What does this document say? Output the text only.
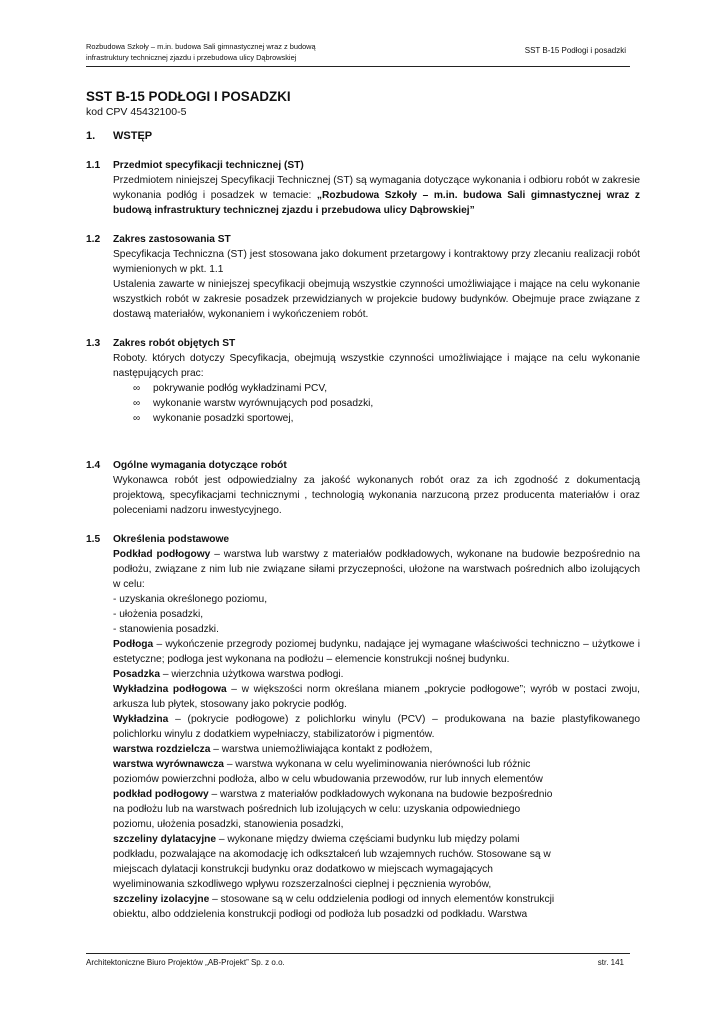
Rozbudowa Szkoły – m.in. budowa Sali gimnastycznej wraz z budową
infrastruktury technicznej zjazdu i przebudowa ulicy Dąbrowskiej
SST B-15 Podłogi i posadzki
SST B-15 PODŁOGI I POSADZKI
kod CPV 45432100-5
1.	WSTĘP
1.1	Przedmiot specyfikacji technicznej (ST)

Przedmiotem niniejszej Specyfikacji Technicznej (ST) są wymagania dotyczące wykonania i odbioru robót w zakresie wykonania podłóg i posadzek w temacie: „Rozbudowa Szkoły – m.in. budowa Sali gimnastycznej wraz z budową infrastruktury technicznej zjazdu i przebudowa ulicy Dąbrowskiej”

1.2	Zakres zastosowania ST

Specyfikacja Techniczna (ST) jest stosowana jako dokument przetargowy i kontraktowy przy zlecaniu realizacji robót wymienionych w pkt. 1.1

Ustalenia zawarte w niniejszej specyfikacji obejmują wszystkie czynności umożliwiające i mające na celu wykonanie wszystkich robót w zakresie posadzek przewidzianych w projekcie budowy budynków. Obejmuje prace związane z dostawą materiałów, wykonaniem i wykończeniem robót.

1.3	Zakres robót objętych ST

Roboty. których dotyczy Specyfikacja, obejmują wszystkie czynności umożliwiające i mające na celu wykonanie następujących prac:

∞	pokrywanie podłóg wykładzinami PCV,
∞	wykonanie warstw wyrównujących pod posadzki,
∞	wykonanie posadzki sportowej,
1.4	Ogólne wymagania dotyczące robót

Wykonawca robót jest odpowiedzialny za jakość wykonanych robót oraz za ich zgodność z dokumentacją projektową, specyfikacjami technicznymi , technologią wykonania narzuconą przez producenta materiałów i oraz poleceniami nadzoru inwestycyjnego.

1.5	Określenia podstawowe

Podkład podłogowy – warstwa lub warstwy z materiałów podkładowych, wykonane na budowie bezpośrednio na podłożu, związane z nim lub nie związane siłami przyczepności, ułożone na warstwach pośrednich albo izolujących w celu:

- uzyskania określonego poziomu,

- ułożenia posadzki,

- stanowienia posadzki.

Podłoga – wykończenie przegrody poziomej budynku, nadające jej wymagane właściwości techniczno – użytkowe i estetyczne; podłoga jest wykonana na podłożu – elemencie konstrukcji nośnej budynku.

Posadzka – wierzchnia użytkowa warstwa podłogi.

Wykładzina podłogowa – w większości norm określana mianem „pokrycie podłogowe”; wyrób w postaci zwoju, arkusza lub płytek, stosowany jako pokrycie podłóg.

Wykładzina – (pokrycie podłogowe) z polichlorku winylu (PCV) – produkowana na bazie plastyfikowanego polichlorku winylu z dodatkiem wypełniaczy, stabilizatorów i pigmentów.

warstwa rozdzielcza – warstwa uniemożliwiająca kontakt z podłożem,

warstwa wyrównawcza – warstwa wykonana w celu wyeliminowania nierówności lub różnic

poziomów powierzchni podłoża, albo w celu wbudowania przewodów, rur lub innych elementów

podkład podłogowy – warstwa z materiałów podkładowych wykonana na budowie bezpośrednio

na podłożu lub na warstwach pośrednich lub izolujących w celu: uzyskania odpowiedniego

poziomu, ułożenia posadzki, stanowienia posadzki,

szczeliny dylatacyjne – wykonane między dwiema częściami budynku lub między polami

podkładu, pozwalające na akomodację ich odkształceń lub wzajemnych ruchów. Stosowane są w

miejscach dylatacji konstrukcji budynku oraz dodatkowo w miejscach wymagających

wyeliminowania szkodliwego wpływu rozszerzalności cieplnej i pęcznienia wyrobów,

szczeliny izolacyjne – stosowane są w celu oddzielenia podłogi od innych elementów konstrukcji

obiektu, albo oddzielenia konstrukcji podłogi od podłoża lub posadzki od podkładu. Warstwa

Architektoniczne Biuro Projektów „AB-Projekt” Sp. z o.o.	str. 141
